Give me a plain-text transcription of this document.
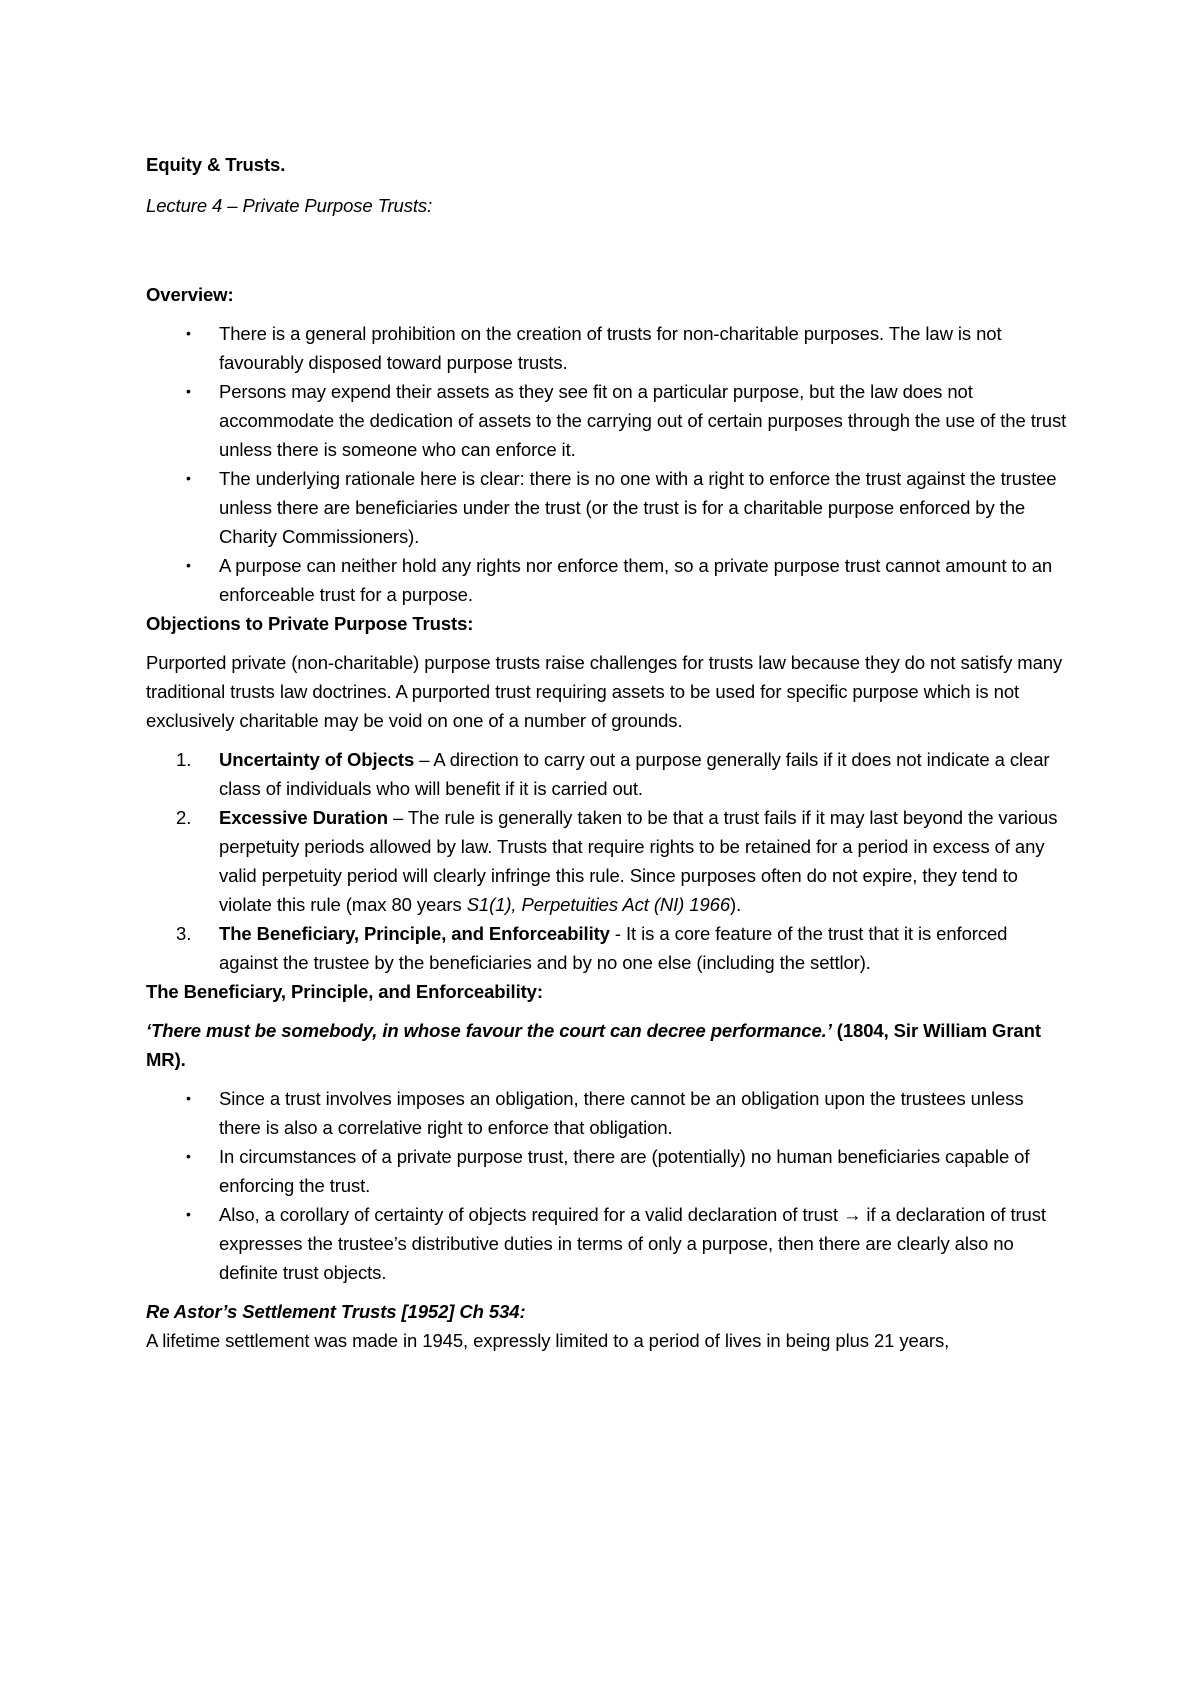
Equity & Trusts.

Lecture 4 – Private Purpose Trusts:

Overview:

• There is a general prohibition on the creation of trusts for non-charitable purposes. The law is not favourably disposed toward purpose trusts.
• Persons may expend their assets as they see fit on a particular purpose, but the law does not accommodate the dedication of assets to the carrying out of certain purposes through the use of the trust unless there is someone who can enforce it.
• The underlying rationale here is clear: there is no one with a right to enforce the trust against the trustee unless there are beneficiaries under the trust (or the trust is for a charitable purpose enforced by the Charity Commissioners).
• A purpose can neither hold any rights nor enforce them, so a private purpose trust cannot amount to an enforceable trust for a purpose.

Objections to Private Purpose Trusts:

Purported private (non-charitable) purpose trusts raise challenges for trusts law because they do not satisfy many traditional trusts law doctrines. A purported trust requiring assets to be used for specific purpose which is not exclusively charitable may be void on one of a number of grounds.

1. Uncertainty of Objects – A direction to carry out a purpose generally fails if it does not indicate a clear class of individuals who will benefit if it is carried out.
2. Excessive Duration – The rule is generally taken to be that a trust fails if it may last beyond the various perpetuity periods allowed by law. Trusts that require rights to be retained for a period in excess of any valid perpetuity period will clearly infringe this rule. Since purposes often do not expire, they tend to violate this rule (max 80 years S1(1), Perpetuities Act (NI) 1966).
3. The Beneficiary, Principle, and Enforceability - It is a core feature of the trust that it is enforced against the trustee by the beneficiaries and by no one else (including the settlor).

The Beneficiary, Principle, and Enforceability:

‘There must be somebody, in whose favour the court can decree performance.’ (1804, Sir William Grant MR).

• Since a trust involves imposes an obligation, there cannot be an obligation upon the trustees unless there is also a correlative right to enforce that obligation.
• In circumstances of a private purpose trust, there are (potentially) no human beneficiaries capable of enforcing the trust.
• Also, a corollary of certainty of objects required for a valid declaration of trust → if a declaration of trust expresses the trustee’s distributive duties in terms of only a purpose, then there are clearly also no definite trust objects.

Re Astor’s Settlement Trusts [1952] Ch 534:

A lifetime settlement was made in 1945, expressly limited to a period of lives in being plus 21 years,
